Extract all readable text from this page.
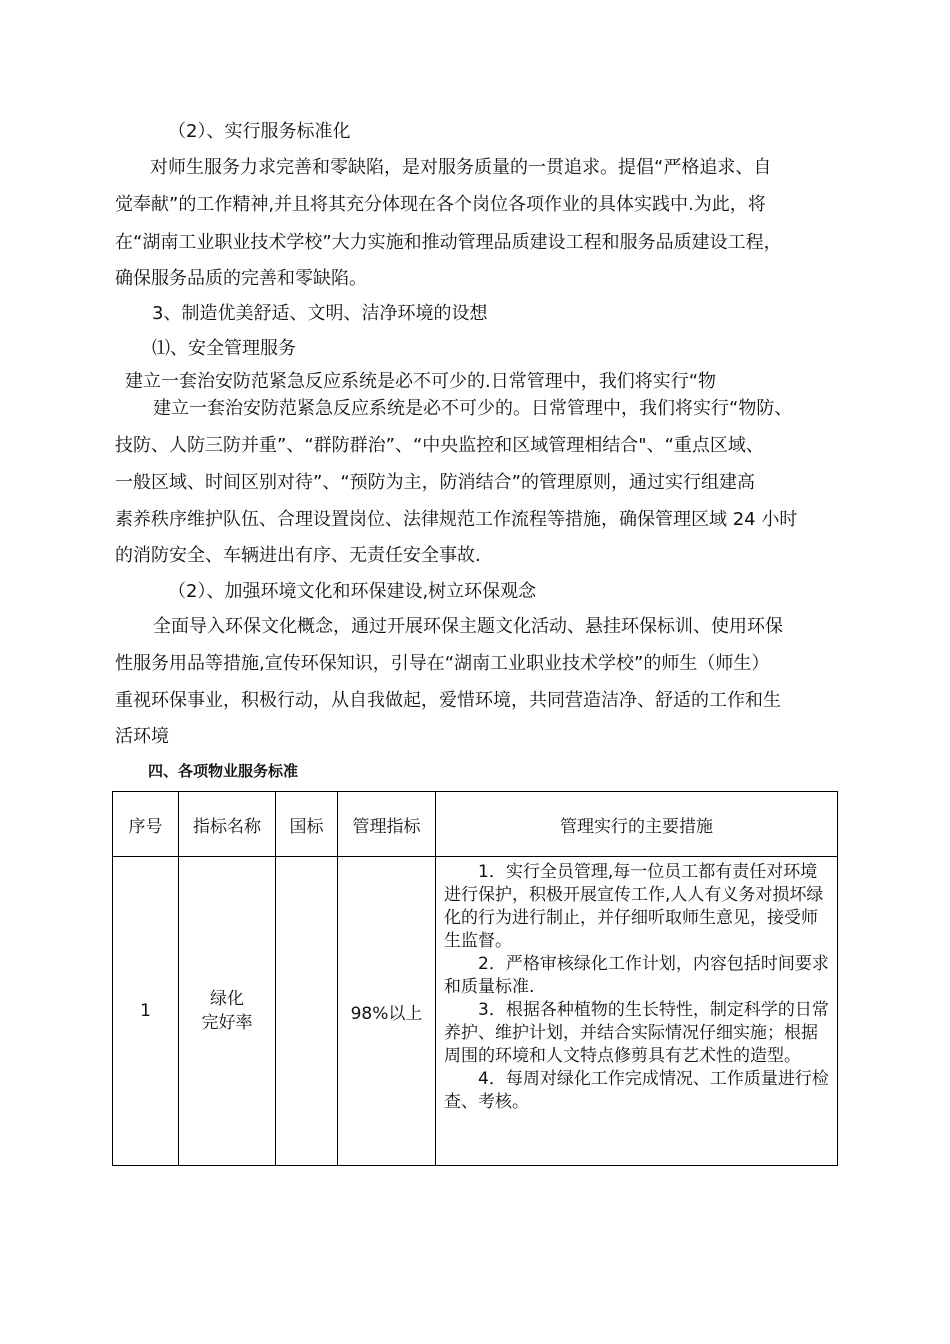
（2）、实行服务标准化
对师生服务力求完善和零缺陷，是对服务质量的一贯追求。提倡“严格追求、自
觉奉献”的工作精神,并且将其充分体现在各个岗位各项作业的具体实践中.为此，将
在“湖南工业职业技术学校”大力实施和推动管理品质建设工程和服务品质建设工程，
确保服务品质的完善和零缺陷。
3、制造优美舒适、文明、洁净环境的设想
⑴、安全管理服务
建立一套治安防范紧急反应系统是必不可少的.日常管理中，我们将实行“物
建立一套治安防范紧急反应系统是必不可少的。日常管理中，我们将实行“物防、
技防、人防三防并重”、“群防群治”、“中央监控和区域管理相结合"、“重点区域、
一般区域、时间区别对待”、“预防为主，防消结合”的管理原则，通过实行组建高
素养秩序维护队伍、合理设置岗位、法律规范工作流程等措施，确保管理区域 24 小时
的消防安全、车辆进出有序、无责任安全事故.
（2）、加强环境文化和环保建设,树立环保观念
全面导入环保文化概念，通过开展环保主题文化活动、悬挂环保标训、使用环保
性服务用品等措施,宣传环保知识，引导在“湖南工业职业技术学校”的师生（师生）
重视环保事业，积极行动，从自我做起，爱惜环境，共同营造洁净、舒适的工作和生
活环境
四、各项物业服务标准
序号	指标名称	国标	管理指标	管理实行的主要措施
1	绿化
完好率		98%以上	1．实行全员管理,每一位员工都有责任对环境进行保护，积极开展宣传工作,人人有义务对损坏绿化的行为进行制止，并仔细听取师生意见，接受师生监督。
2．严格审核绿化工作计划，内容包括时间要求和质量标准.
3．根据各种植物的生长特性，制定科学的日常养护、维护计划，并结合实际情况仔细实施；根据周围的环境和人文特点修剪具有艺术性的造型。
4．每周对绿化工作完成情况、工作质量进行检查、考核。
